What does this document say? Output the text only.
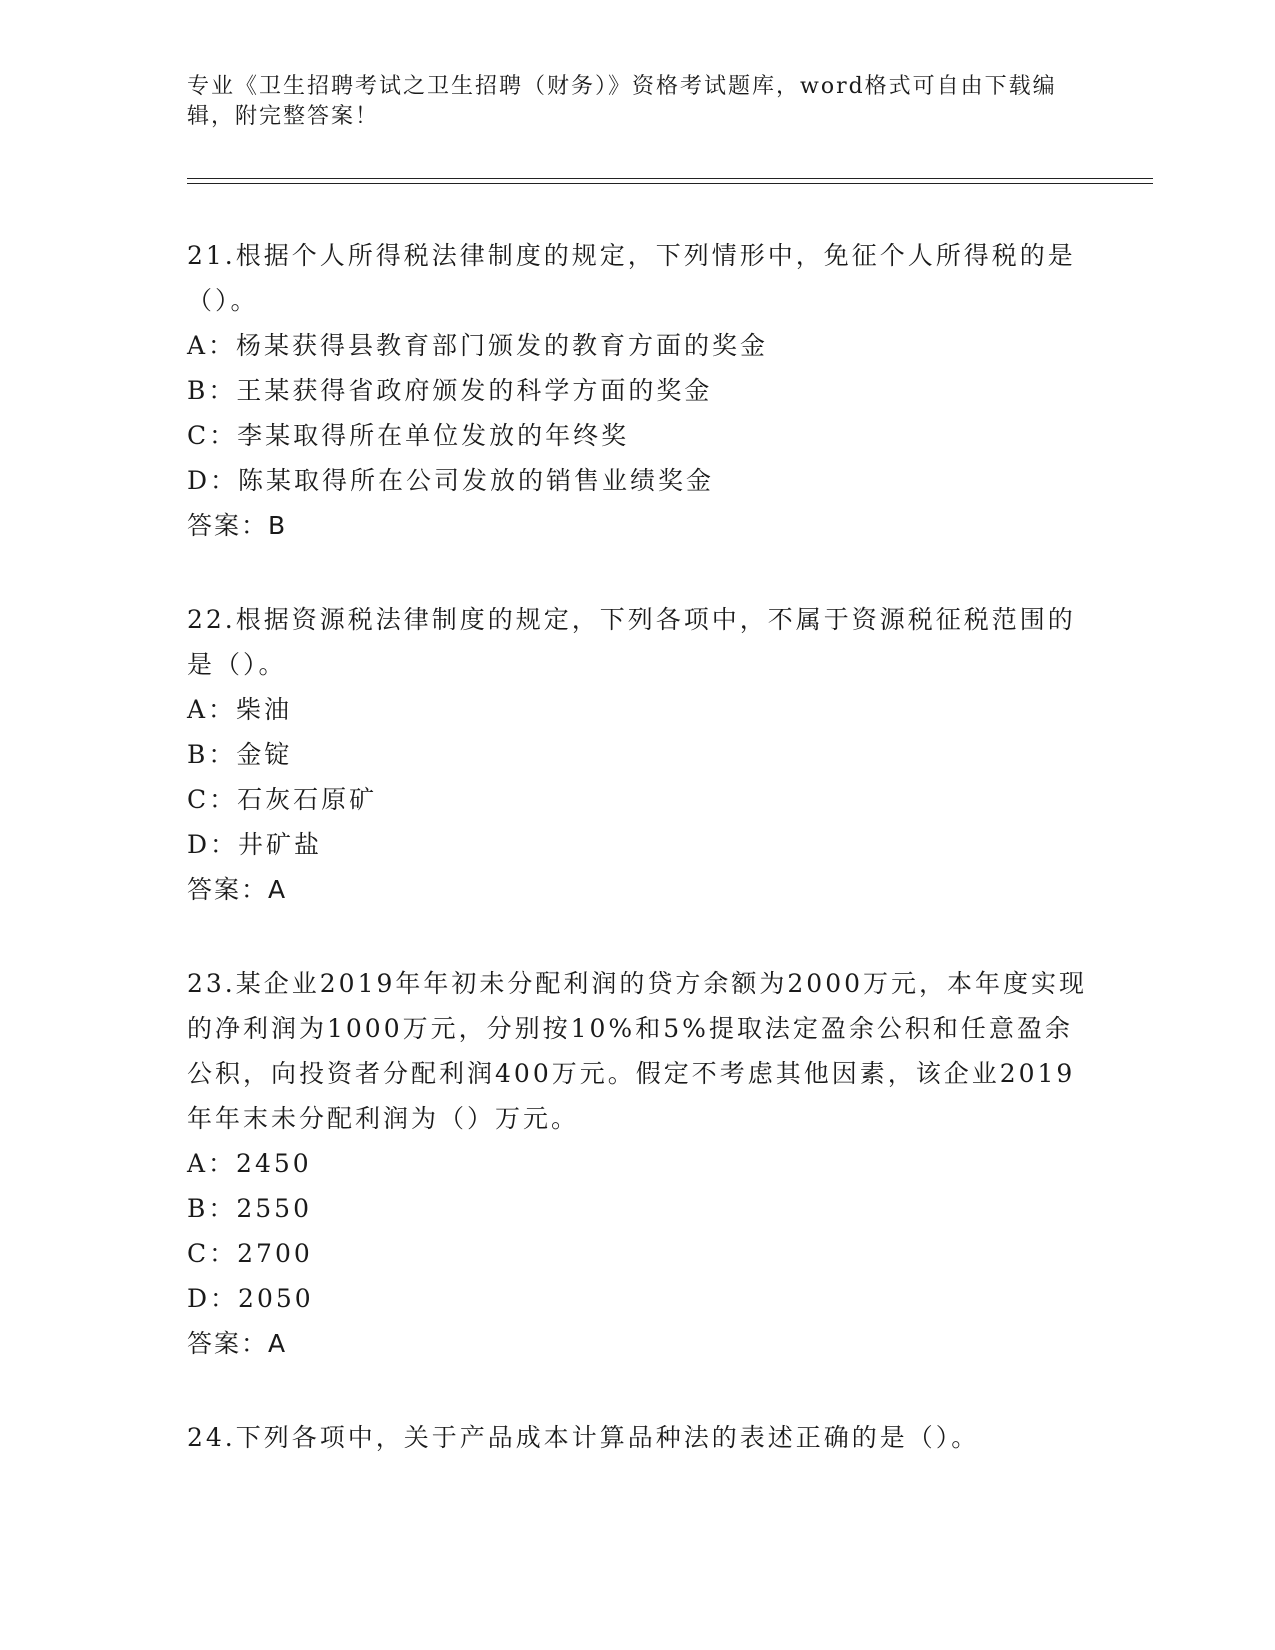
专业《卫生招聘考试之卫生招聘（财务）》资格考试题库，word格式可自由下载编辑，附完整答案！

21.根据个人所得税法律制度的规定，下列情形中，免征个人所得税的是（）。

A：杨某获得县教育部门颁发的教育方面的奖金

B：王某获得省政府颁发的科学方面的奖金

C：李某取得所在单位发放的年终奖

D：陈某取得所在公司发放的销售业绩奖金

答案：B

22.根据资源税法律制度的规定，下列各项中，不属于资源税征税范围的是（）。

A：柴油

B：金锭

C：石灰石原矿

D：井矿盐

答案：A

23.某企业2019年年初未分配利润的贷方余额为2000万元，本年度实现的净利润为1000万元，分别按10%和5%提取法定盈余公积和任意盈余公积，向投资者分配利润400万元。假定不考虑其他因素，该企业2019年年末未分配利润为（）万元。

A：2450

B：2550

C：2700

D：2050

答案：A

24.下列各项中，关于产品成本计算品种法的表述正确的是（）。
